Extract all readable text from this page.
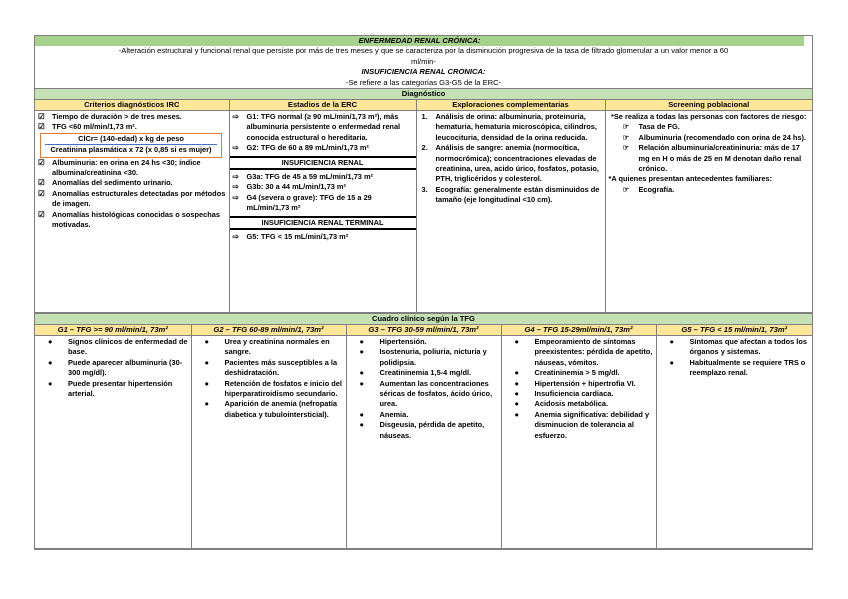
ENFERMEDAD RENAL CRÓNICA:
-Alteración estructural y funcional renal que persiste por más de tres meses y que se caracteriza por la disminución progresiva de la tasa de filtrado glomerular a un valor menor a 60
ml/min-
INSUFICIENCIA RENAL CRONICA:
-Se refiere a las categorías G3-G5 de la ERC-
Diagnóstico
Criterios diagnósticos IRC	Estadios de la ERC	Exploraciones complementarias	Screening poblacional

☑ Tiempo de duración > de tres meses.
☑ TFG <60 ml/min/1,73 m².
ClCr= (140-edad) x kg de peso
Creatinina plasmática x 72 (x 0,85 si es mujer)
☑ Albuminuria: en orina en 24 hs <30; índice albumina/creatinina <30.
☑ Anomalías del sedimento urinario.
☑ Anomalías estructurales detectadas por métodos de imagen.
☑ Anomalías histológicas conocidas o sospechas motivadas.

⇨ G1: TFG normal (≥ 90 mL/min/1,73 m²), más albuminuria persistente o enfermedad renal conocida estructural o hereditaria.
⇨ G2: TFG de 60 a 89 mL/min/1,73 m²
INSUFICIENCIA RENAL
⇨ G3a: TFG de 45 a 59 mL/min/1,73 m²
⇨ G3b: 30 a 44 mL/min/1,73 m²
⇨ G4 (severa o grave): TFG de 15 a 29 mL/min/1,73 m²
INSUFICIENCIA RENAL TERMINAL
⇨ G5: TFG < 15 mL/min/1,73 m²

1. Análisis de orina: albuminuria, proteinuria, hematuria, hematuria microscópica, cilindros, leucocituria, densidad de la orina reducida.
2. Análisis de sangre: anemia (normocítica, normocrómica); concentraciones elevadas de creatinina, urea, acido úrico, fosfatos, potasio, PTH, triglicéridos y colesterol.
3. Ecografía: generalmente están disminuidos de tamaño (eje longitudinal <10 cm).

*Se realiza a todas las personas con factores de riesgo:
☞ Tasa de FG.
☞ Albuminuria (recomendado con orina de 24 hs).
☞ Relación albuminuria/creatininuria: más de 17 mg en H o más de 25 en M denotan daño renal crónico.
*A quienes presentan antecedentes familiares:
☞ Ecografía.
Cuadro clínico según la TFG
G1 – TFG >= 90 ml/min/1, 73m²	G2 – TFG 60-89 ml/min/1, 73m²	G3 – TFG 30-59 ml/min/1, 73m²	G4 – TFG 15-29ml/min/1, 73m²	G5 – TFG < 15 ml/min/1, 73m²

● Signos clínicos de enfermedad de base.
● Puede aparecer albuminuria (30-300 mg/dl).
● Puede presentar hipertensión arterial.

● Urea y creatinina normales en sangre.
● Pacientes más susceptibles a la deshidratación.
● Retención de fosfatos e inicio del hiperparatiroidismo secundario.
● Aparición de anemia (nefropatía diabetica y tubulointersticial).

● Hipertensión.
● Isostenuria, poliuria, nicturia y polidipsia.
● Creatininemia 1,5-4 mg/dl.
● Aumentan las concentraciones séricas de fosfatos, ácido úrico, urea.
● Anemia.
● Disgeusia, pérdida de apetito, náuseas.

● Empeoramiento de síntomas preexistentes: pérdida de apetito, náuseas, vómitos.
● Creatininemia > 5 mg/dl.
● Hipertensión + hipertrofia VI.
● Insuficiencia cardiaca.
● Acidosis metabólica.
● Anemia significativa: debilidad y disminucion de tolerancia al esfuerzo.

● Síntomas que afectan a todos los órganos y sistemas.
● Habitualmente se requiere TRS o reemplazo renal.
